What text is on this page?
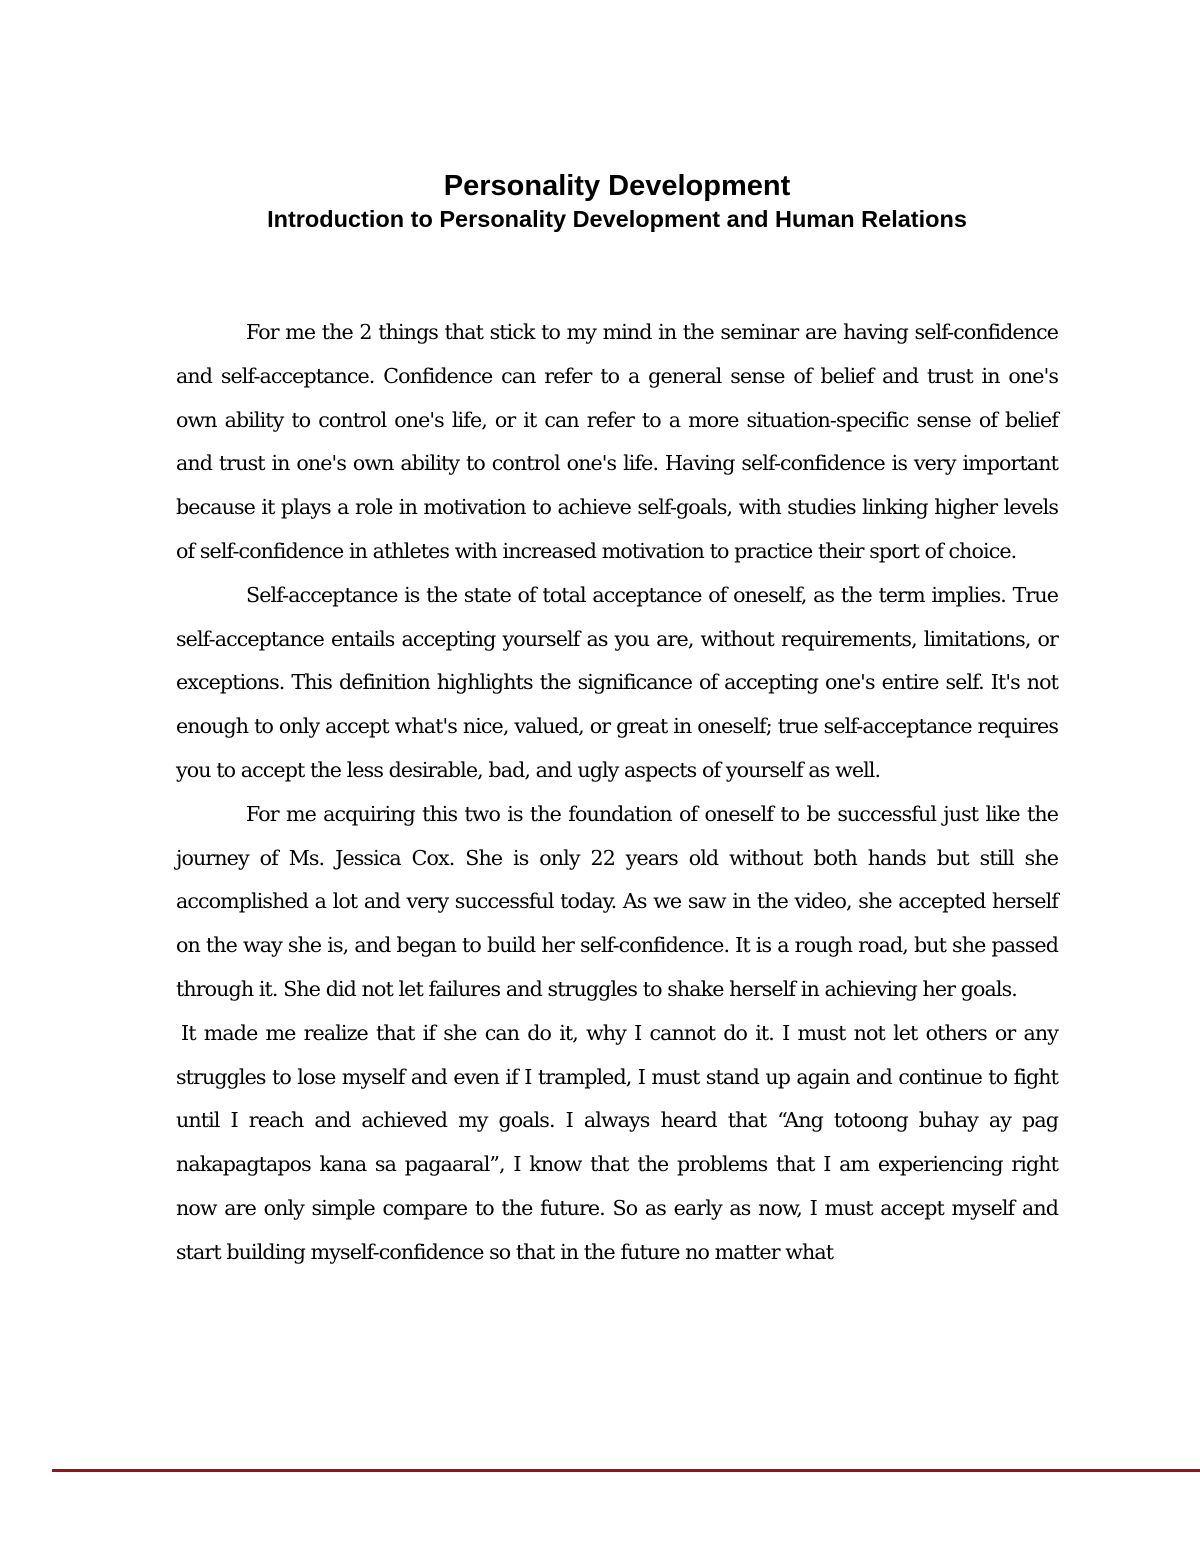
Personality Development
Introduction to Personality Development and Human Relations

For me the 2 things that stick to my mind in the seminar are having self-confidence and self-acceptance. Confidence can refer to a general sense of belief and trust in one's own ability to control one's life, or it can refer to a more situation-specific sense of belief and trust in one's own ability to control one's life. Having self-confidence is very important because it plays a role in motivation to achieve self-goals, with studies linking higher levels of self-confidence in athletes with increased motivation to practice their sport of choice.

Self-acceptance is the state of total acceptance of oneself, as the term implies. True self-acceptance entails accepting yourself as you are, without requirements, limitations, or exceptions. This definition highlights the significance of accepting one's entire self. It's not enough to only accept what's nice, valued, or great in oneself; true self-acceptance requires you to accept the less desirable, bad, and ugly aspects of yourself as well.

For me acquiring this two is the foundation of oneself to be successful just like the journey of Ms. Jessica Cox. She is only 22 years old without both hands but still she accomplished a lot and very successful today. As we saw in the video, she accepted herself on the way she is, and began to build her self-confidence. It is a rough road, but she passed through it. She did not let failures and struggles to shake herself in achieving her goals.

It made me realize that if she can do it, why I cannot do it. I must not let others or any struggles to lose myself and even if I trampled, I must stand up again and continue to fight until I reach and achieved my goals. I always heard that “Ang totoong buhay ay pag nakapagtapos kana sa pagaaral”, I know that the problems that I am experiencing right now are only simple compare to the future. So as early as now, I must accept myself and start building myself-confidence so that in the future no matter what
